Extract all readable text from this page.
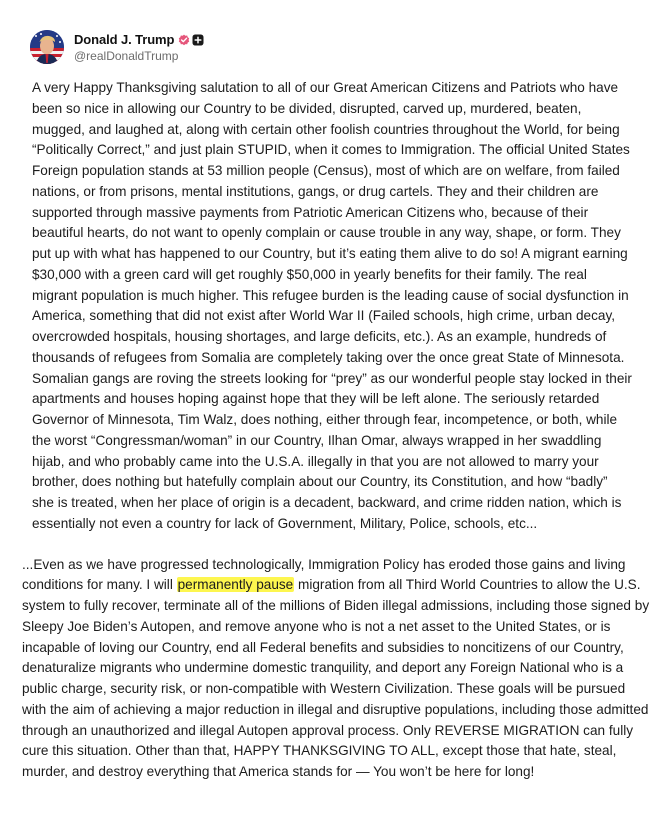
Donald J. Trump
@realDonaldTrump

A very Happy Thanksgiving salutation to all of our Great American Citizens and Patriots who have been so nice in allowing our Country to be divided, disrupted, carved up, murdered, beaten, mugged, and laughed at, along with certain other foolish countries throughout the World, for being “Politically Correct,” and just plain STUPID, when it comes to Immigration. The official United States Foreign population stands at 53 million people (Census), most of which are on welfare, from failed nations, or from prisons, mental institutions, gangs, or drug cartels. They and their children are supported through massive payments from Patriotic American Citizens who, because of their beautiful hearts, do not want to openly complain or cause trouble in any way, shape, or form. They put up with what has happened to our Country, but it’s eating them alive to do so! A migrant earning $30,000 with a green card will get roughly $50,000 in yearly benefits for their family. The real migrant population is much higher. This refugee burden is the leading cause of social dysfunction in America, something that did not exist after World War II (Failed schools, high crime, urban decay, overcrowded hospitals, housing shortages, and large deficits, etc.). As an example, hundreds of thousands of refugees from Somalia are completely taking over the once great State of Minnesota. Somalian gangs are roving the streets looking for “prey” as our wonderful people stay locked in their apartments and houses hoping against hope that they will be left alone. The seriously retarded Governor of Minnesota, Tim Walz, does nothing, either through fear, incompetence, or both, while the worst “Congressman/woman” in our Country, Ilhan Omar, always wrapped in her swaddling hijab, and who probably came into the U.S.A. illegally in that you are not allowed to marry your brother, does nothing but hatefully complain about our Country, its Constitution, and how “badly” she is treated, when her place of origin is a decadent, backward, and crime ridden nation, which is essentially not even a country for lack of Government, Military, Police, schools, etc...

...Even as we have progressed technologically, Immigration Policy has eroded those gains and living conditions for many. I will permanently pause migration from all Third World Countries to allow the U.S. system to fully recover, terminate all of the millions of Biden illegal admissions, including those signed by Sleepy Joe Biden’s Autopen, and remove anyone who is not a net asset to the United States, or is incapable of loving our Country, end all Federal benefits and subsidies to noncitizens of our Country, denaturalize migrants who undermine domestic tranquility, and deport any Foreign National who is a public charge, security risk, or non-compatible with Western Civilization. These goals will be pursued with the aim of achieving a major reduction in illegal and disruptive populations, including those admitted through an unauthorized and illegal Autopen approval process. Only REVERSE MIGRATION can fully cure this situation. Other than that, HAPPY THANKSGIVING TO ALL, except those that hate, steal, murder, and destroy everything that America stands for — You won’t be here for long!
